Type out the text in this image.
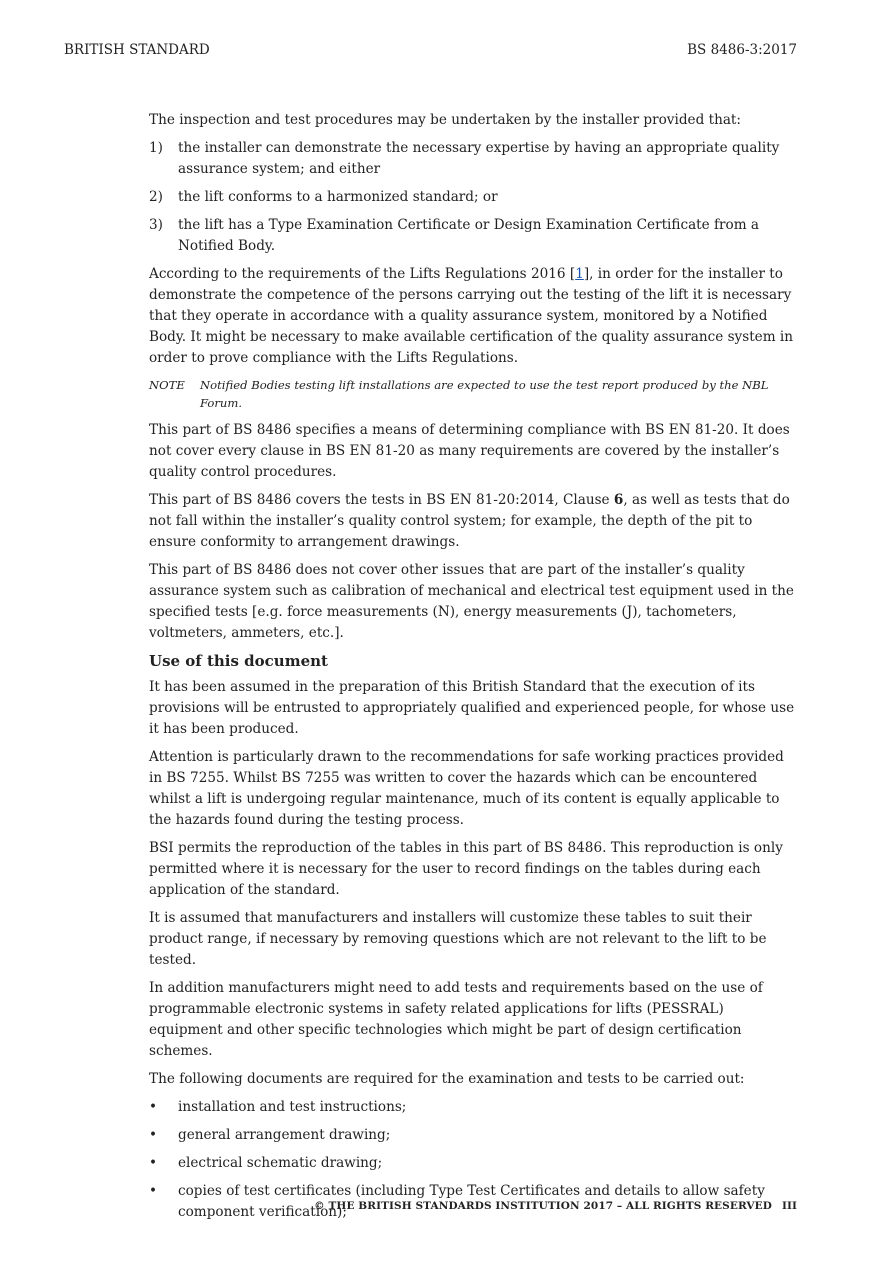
BRITISH STANDARD	BS 8486-3:2017

The inspection and test procedures may be undertaken by the installer provided that:

1)	the installer can demonstrate the necessary expertise by having an appropriate quality assurance system; and either
2)	the lift conforms to a harmonized standard; or
3)	the lift has a Type Examination Certificate or Design Examination Certificate from a Notified Body.

According to the requirements of the Lifts Regulations 2016 [1], in order for the installer to demonstrate the competence of the persons carrying out the testing of the lift it is necessary that they operate in accordance with a quality assurance system, monitored by a Notified Body. It might be necessary to make available certification of the quality assurance system in order to prove compliance with the Lifts Regulations.

NOTE	Notified Bodies testing lift installations are expected to use the test report produced by the NBL Forum.

This part of BS 8486 specifies a means of determining compliance with BS EN 81-20. It does not cover every clause in BS EN 81-20 as many requirements are covered by the installer’s quality control procedures.

This part of BS 8486 covers the tests in BS EN 81-20:2014, Clause 6, as well as tests that do not fall within the installer’s quality control system; for example, the depth of the pit to ensure conformity to arrangement drawings.

This part of BS 8486 does not cover other issues that are part of the installer’s quality assurance system such as calibration of mechanical and electrical test equipment used in the specified tests [e.g. force measurements (N), energy measurements (J), tachometers, voltmeters, ammeters, etc.].

Use of this document

It has been assumed in the preparation of this British Standard that the execution of its provisions will be entrusted to appropriately qualified and experienced people, for whose use it has been produced.

Attention is particularly drawn to the recommendations for safe working practices provided in BS 7255. Whilst BS 7255 was written to cover the hazards which can be encountered whilst a lift is undergoing regular maintenance, much of its content is equally applicable to the hazards found during the testing process.

BSI permits the reproduction of the tables in this part of BS 8486. This reproduction is only permitted where it is necessary for the user to record findings on the tables during each application of the standard.

It is assumed that manufacturers and installers will customize these tables to suit their product range, if necessary by removing questions which are not relevant to the lift to be tested.

In addition manufacturers might need to add tests and requirements based on the use of programmable electronic systems in safety related applications for lifts (PESSRAL) equipment and other specific technologies which might be part of design certification schemes.

The following documents are required for the examination and tests to be carried out:

•	installation and test instructions;
•	general arrangement drawing;
•	electrical schematic drawing;
•	copies of test certificates (including Type Test Certificates and details to allow safety component verification);
© THE BRITISH STANDARDS INSTITUTION 2017 – ALL RIGHTS RESERVED III
